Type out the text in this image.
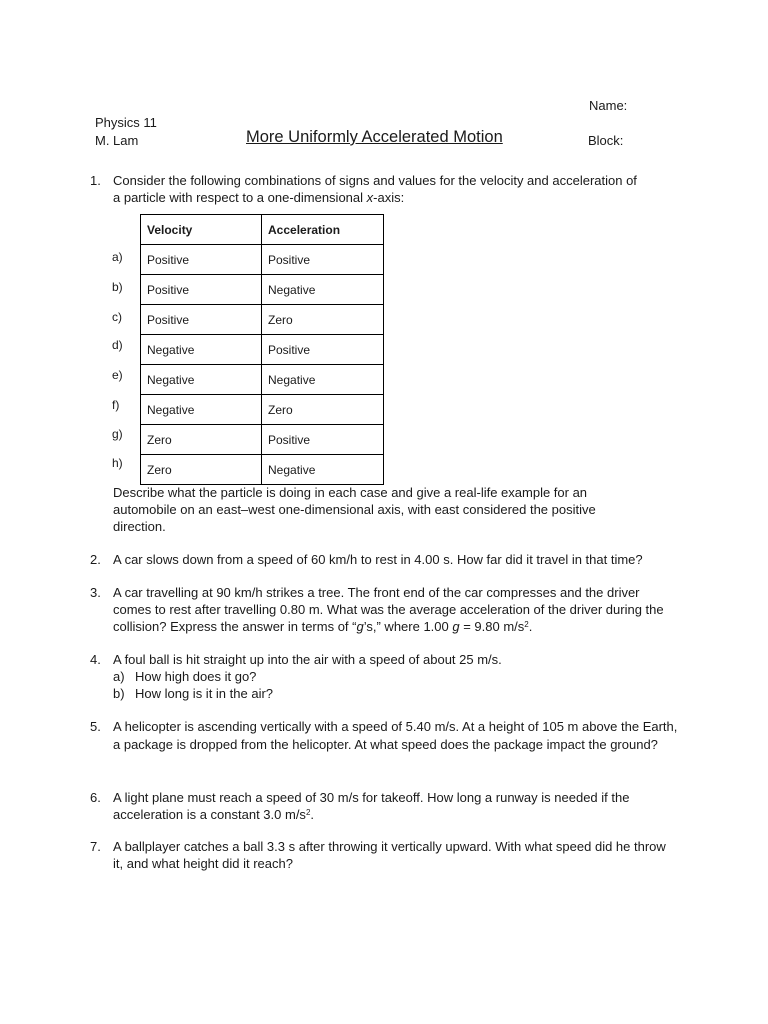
Name:
Physics 11
M. Lam	More Uniformly Accelerated Motion	Block:
1. Consider the following combinations of signs and values for the velocity and acceleration of
a particle with respect to a one-dimensional x-axis:
a)
b)
c)
d)
e)
f)
g)
h)
Velocity	Acceleration
Positive	Positive
Positive	Negative
Positive	Zero
Negative	Positive
Negative	Negative
Negative	Zero
Zero	Positive
Zero	Negative
Describe what the particle is doing in each case and give a real-life example for an automobile on an east–west one-dimensional axis, with east considered the positive direction.
2. A car slows down from a speed of 60 km/h to rest in 4.00 s. How far did it travel in that time?
3. A car travelling at 90 km/h strikes a tree. The front end of the car compresses and the driver comes to rest after travelling 0.80 m. What was the average acceleration of the driver during the collision? Express the answer in terms of “g’s,” where 1.00 g = 9.80 $m/s^2$.
4. A foul ball is hit straight up into the air with a speed of about 25 m/s.
a) How high does it go?
b) How long is it in the air?
5. A helicopter is ascending vertically with a speed of 5.40 m/s. At a height of 105 m above the Earth, a package is dropped from the helicopter. At what speed does the package impact the ground?
6. A light plane must reach a speed of 30 m/s for takeoff. How long a runway is needed if the acceleration is a constant 3.0 $m/s^2$.
7. A ballplayer catches a ball 3.3 s after throwing it vertically upward. With what speed did he throw it, and what height did it reach?
